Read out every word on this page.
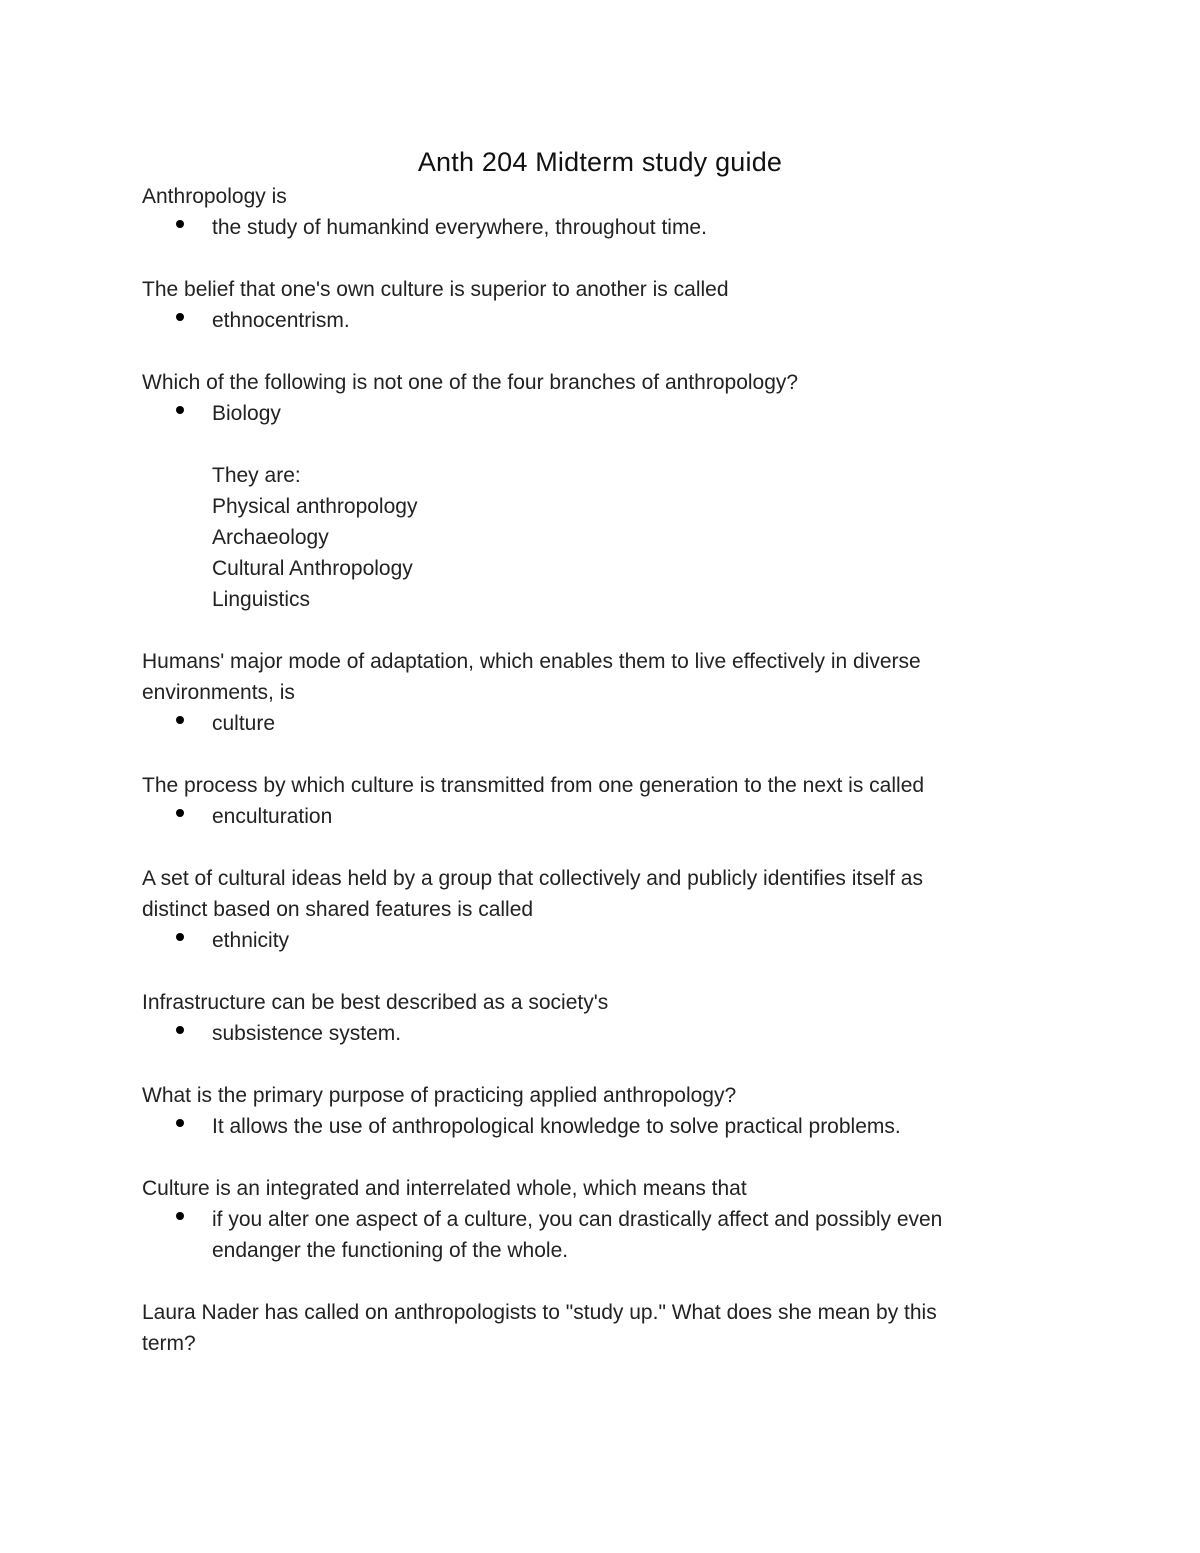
Anth 204 Midterm study guide

Anthropology is

the study of humankind everywhere, throughout time.

The belief that one's own culture is superior to another is called

ethnocentrism.

Which of the following is not one of the four branches of anthropology?

Biology
They are:
Physical anthropology
Archaeology
Cultural Anthropology
Linguistics

Humans' major mode of adaptation, which enables them to live effectively in diverse

environments, is

culture

The process by which culture is transmitted from one generation to the next is called

enculturation

A set of cultural ideas held by a group that collectively and publicly identifies itself as

distinct based on shared features is called

ethnicity

Infrastructure can be best described as a society's

subsistence system.

What is the primary purpose of practicing applied anthropology?

It allows the use of anthropological knowledge to solve practical problems.

Culture is an integrated and interrelated whole, which means that

if you alter one aspect of a culture, you can drastically affect and possibly even
endanger the functioning of the whole.

Laura Nader has called on anthropologists to "study up." What does she mean by this

term?
